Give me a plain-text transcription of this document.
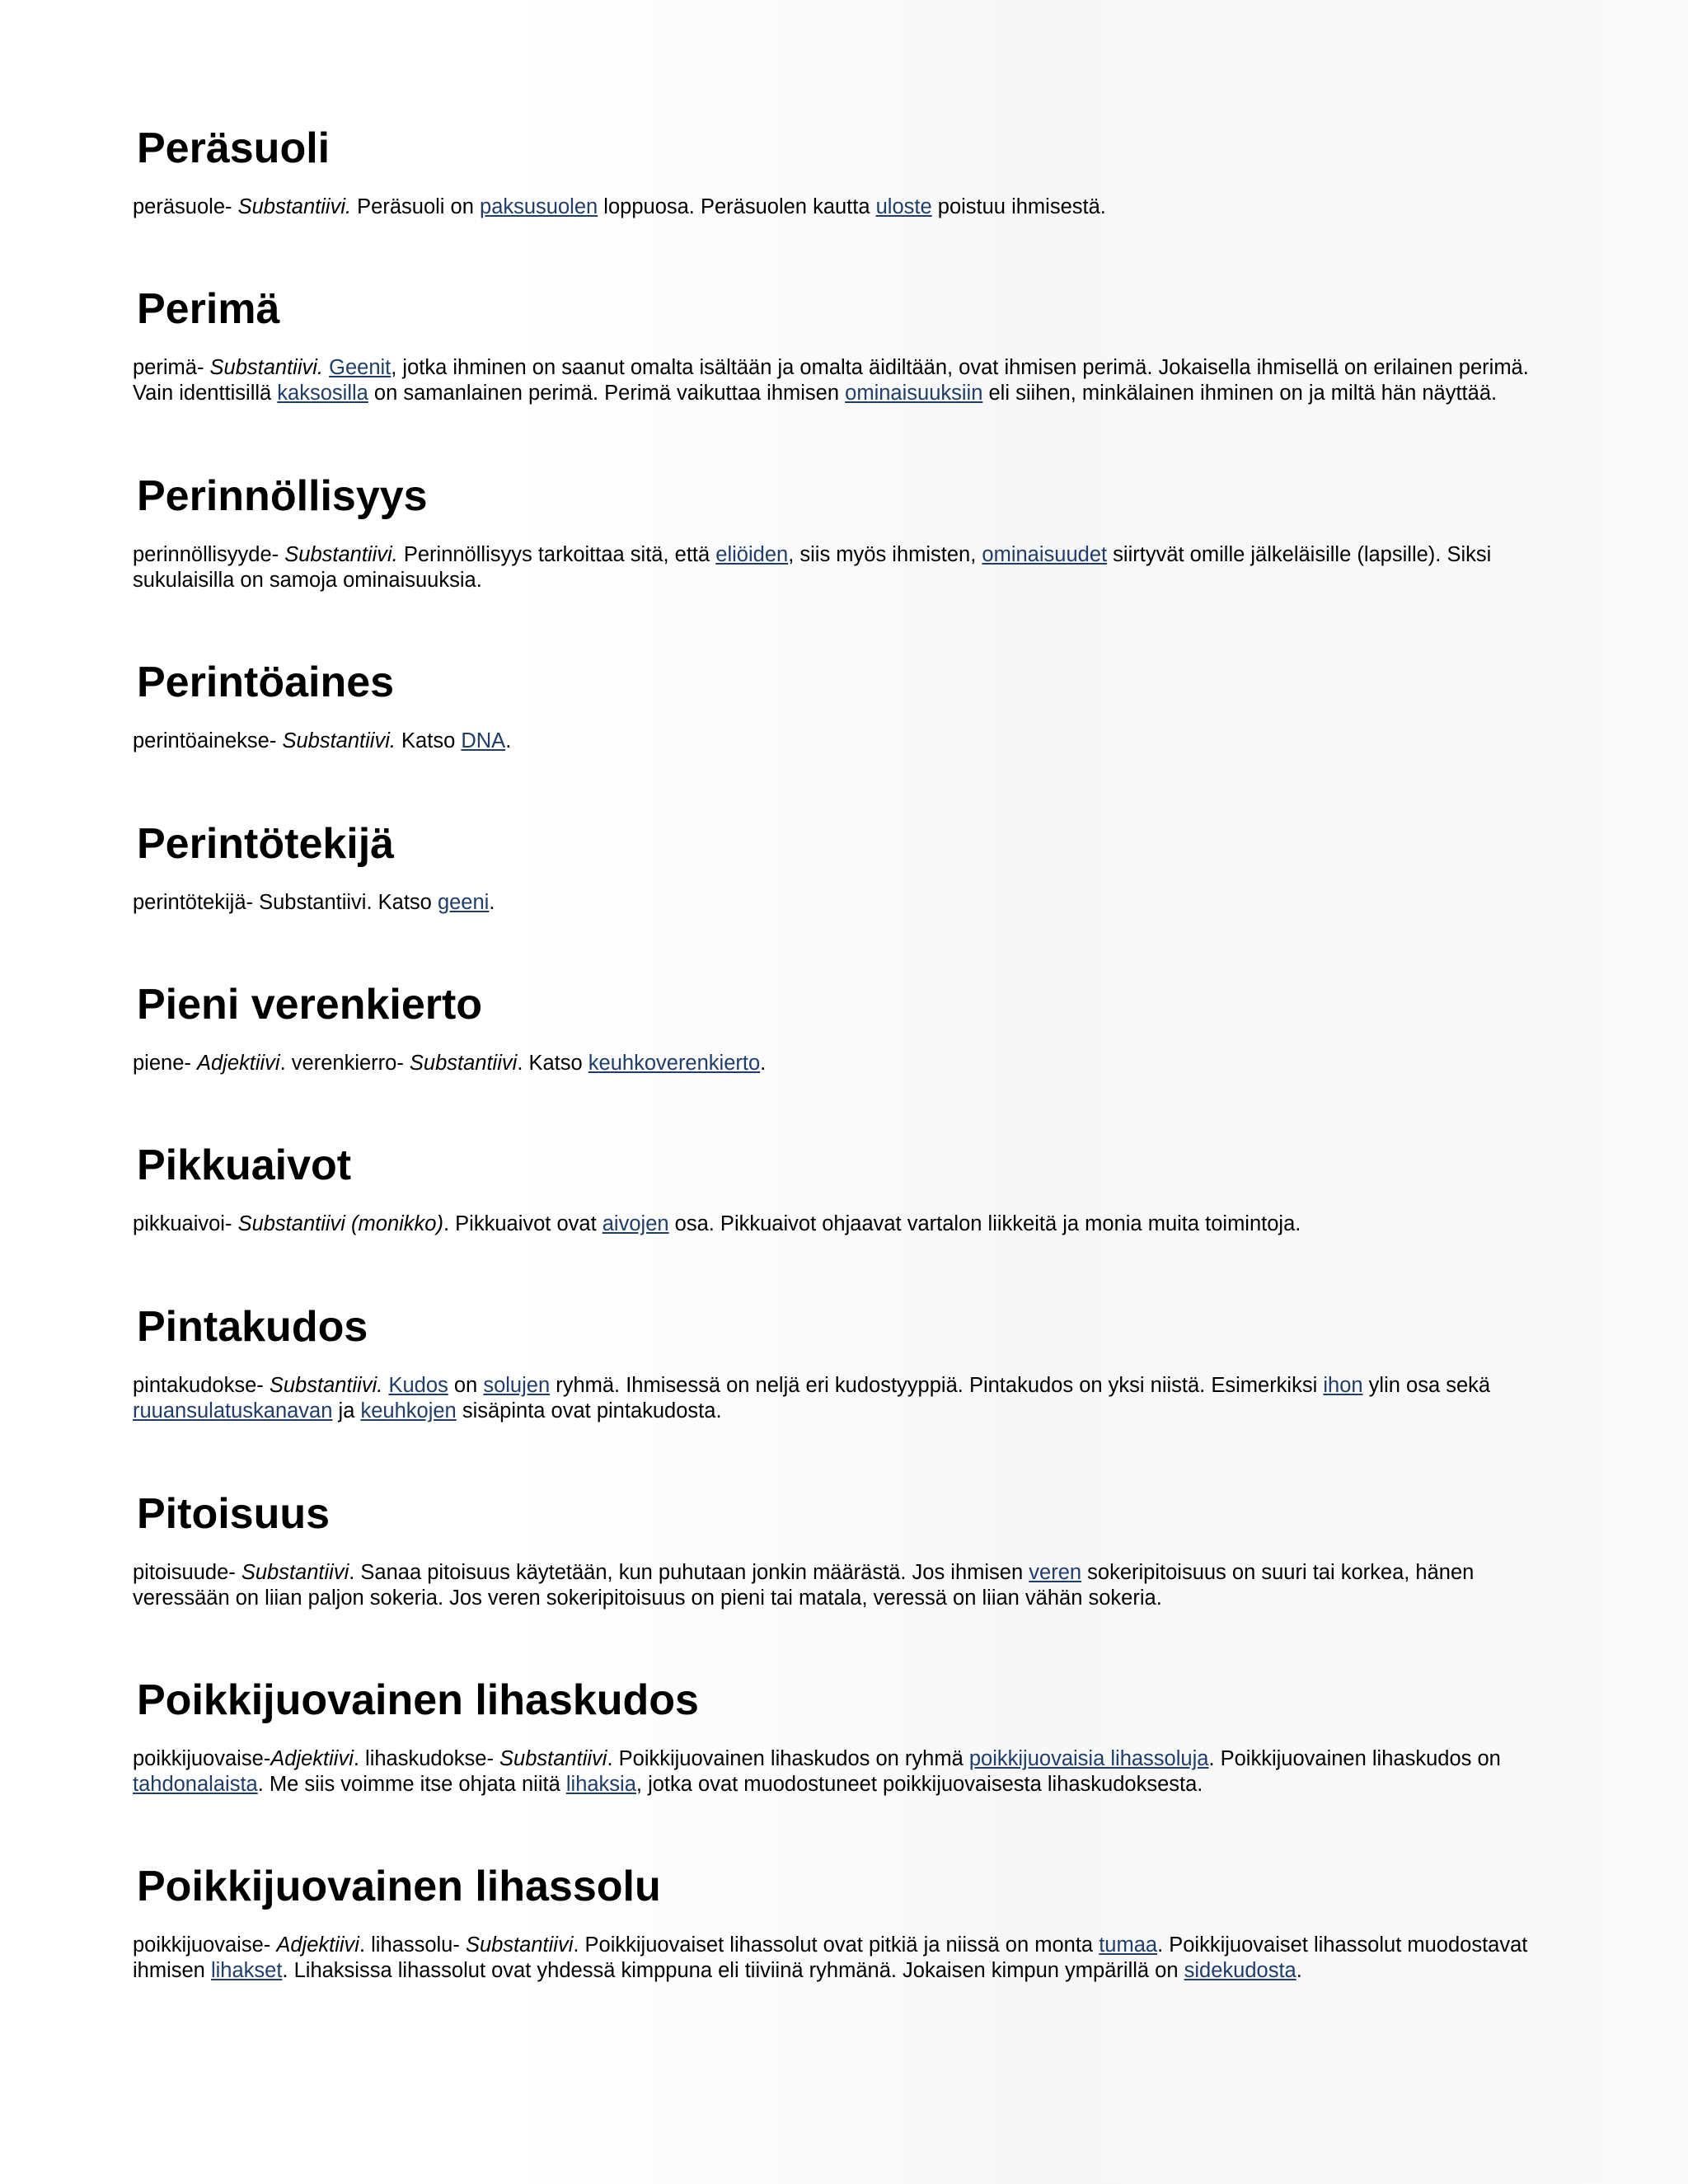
Peräsuoli

peräsuole- Substantiivi. Peräsuoli on paksusuolen loppuosa. Peräsuolen kautta uloste poistuu ihmisestä.

Perimä

perimä- Substantiivi. Geenit, jotka ihminen on saanut omalta isältään ja omalta äidiltään, ovat ihmisen perimä. Jokaisella ihmisellä on erilainen perimä. Vain identtisillä kaksosilla on samanlainen perimä. Perimä vaikuttaa ihmisen ominaisuuksiin eli siihen, minkälainen ihminen on ja miltä hän näyttää.

Perinnöllisyys

perinnöllisyyde- Substantiivi. Perinnöllisyys tarkoittaa sitä, että eliöiden, siis myös ihmisten, ominaisuudet siirtyvät omille jälkeläisille (lapsille). Siksi sukulaisilla on samoja ominaisuuksia.

Perintöaines

perintöainekse- Substantiivi. Katso DNA.

Perintötekijä

perintötekijä- Substantiivi. Katso geeni.

Pieni verenkierto

piene- Adjektiivi. verenkierro- Substantiivi. Katso keuhkoverenkierto.

Pikkuaivot

pikkuaivoi- Substantiivi (monikko). Pikkuaivot ovat aivojen osa. Pikkuaivot ohjaavat vartalon liikkeitä ja monia muita toimintoja.

Pintakudos

pintakudokse- Substantiivi. Kudos on solujen ryhmä. Ihmisessä on neljä eri kudostyyppiä. Pintakudos on yksi niistä. Esimerkiksi ihon ylin osa sekä ruuansulatuskanavan ja keuhkojen sisäpinta ovat pintakudosta.

Pitoisuus

pitoisuude- Substantiivi. Sanaa pitoisuus käytetään, kun puhutaan jonkin määrästä. Jos ihmisen veren sokeripitoisuus on suuri tai korkea, hänen veressään on liian paljon sokeria. Jos veren sokeripitoisuus on pieni tai matala, veressä on liian vähän sokeria.

Poikkijuovainen lihaskudos

poikkijuovaise-Adjektiivi. lihaskudokse- Substantiivi. Poikkijuovainen lihaskudos on ryhmä poikkijuovaisia lihassoluja. Poikkijuovainen lihaskudos on tahdonalaista. Me siis voimme itse ohjata niitä lihaksia, jotka ovat muodostuneet poikkijuovaisesta lihaskudoksesta.

Poikkijuovainen lihassolu

poikkijuovaise- Adjektiivi. lihassolu- Substantiivi. Poikkijuovaiset lihassolut ovat pitkiä ja niissä on monta tumaa. Poikkijuovaiset lihassolut muodostavat ihmisen lihakset. Lihaksissa lihassolut ovat yhdessä kimppuna eli tiiviinä ryhmänä. Jokaisen kimpun ympärillä on sidekudosta.
